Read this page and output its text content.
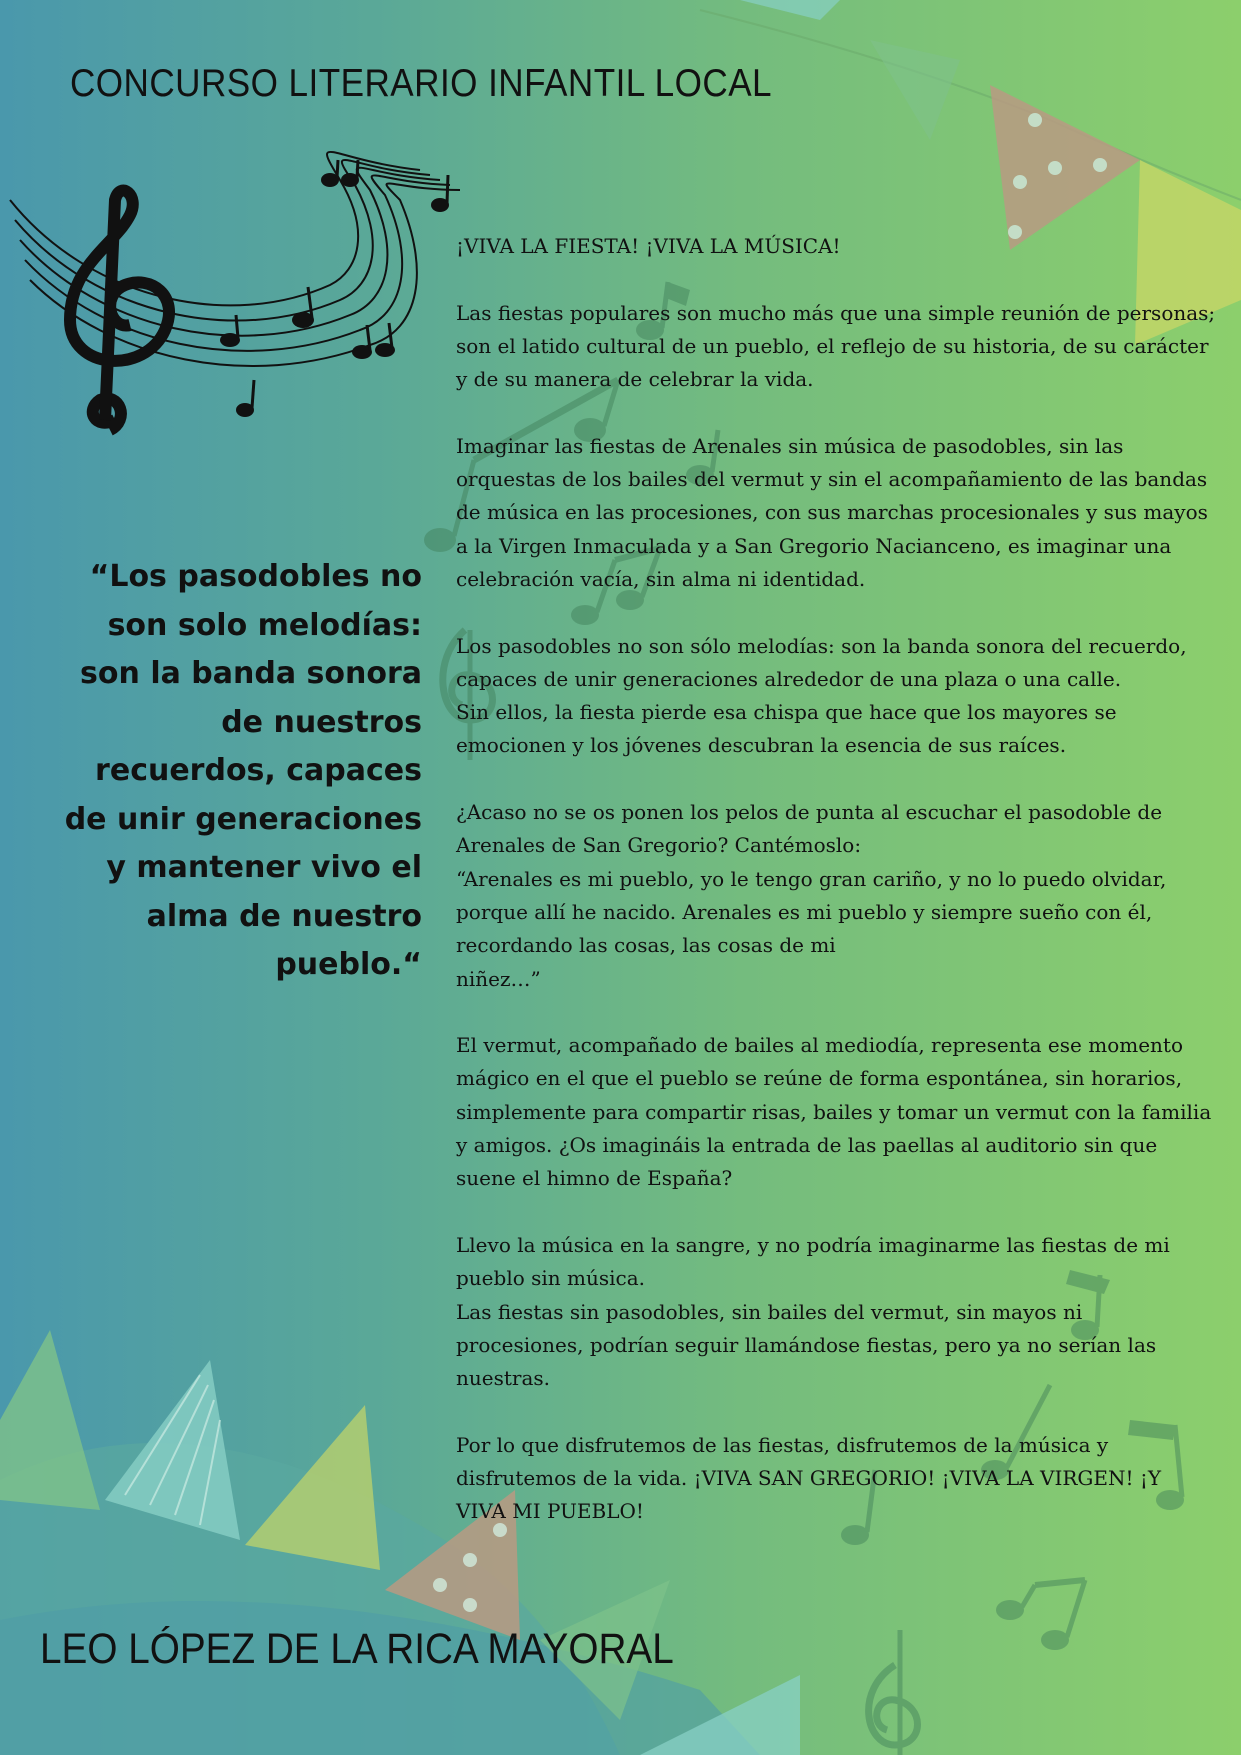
CONCURSO LITERARIO INFANTIL LOCAL

“Los pasodobles no son solo melodías: son la banda sonora de nuestros recuerdos, capaces de unir generaciones y mantener vivo el alma de nuestro pueblo.“

¡VIVA LA FIESTA! ¡VIVA LA MÚSICA!

Las fiestas populares son mucho más que una simple reunión de personas; son el latido cultural de un pueblo, el reflejo de su historia, de su carácter y de su manera de celebrar la vida.

Imaginar las fiestas de Arenales sin música de pasodobles, sin las orquestas de los bailes del vermut y sin el acompañamiento de las bandas de música en las procesiones, con sus marchas procesionales y sus mayos a la Virgen Inmaculada y a San Gregorio Nacianceno, es imaginar una celebración vacía, sin alma ni identidad.

Los pasodobles no son sólo melodías: son la banda sonora del recuerdo, capaces de unir generaciones alrededor de una plaza o una calle.
Sin ellos, la fiesta pierde esa chispa que hace que los mayores se emocionen y los jóvenes descubran la esencia de sus raíces.

¿Acaso no se os ponen los pelos de punta al escuchar el pasodoble de Arenales de San Gregorio? Cantémoslo:
“Arenales es mi pueblo, yo le tengo gran cariño, y no lo puedo olvidar, porque allí he nacido. Arenales es mi pueblo y siempre sueño con él, recordando las cosas, las cosas de mi
niñez…”

El vermut, acompañado de bailes al mediodía, representa ese momento mágico en el que el pueblo se reúne de forma espontánea, sin horarios, simplemente para compartir risas, bailes y tomar un vermut con la familia y amigos. ¿Os imagináis la entrada de las paellas al auditorio sin que suene el himno de España?

Llevo la música en la sangre, y no podría imaginarme las fiestas de mi pueblo sin música.
Las fiestas sin pasodobles, sin bailes del vermut, sin mayos ni procesiones, podrían seguir llamándose fiestas, pero ya no serían las nuestras.

Por lo que disfrutemos de las fiestas, disfrutemos de la música y disfrutemos de la vida. ¡VIVA SAN GREGORIO! ¡VIVA LA VIRGEN! ¡Y VIVA MI PUEBLO!

LEO LÓPEZ DE LA RICA MAYORAL
